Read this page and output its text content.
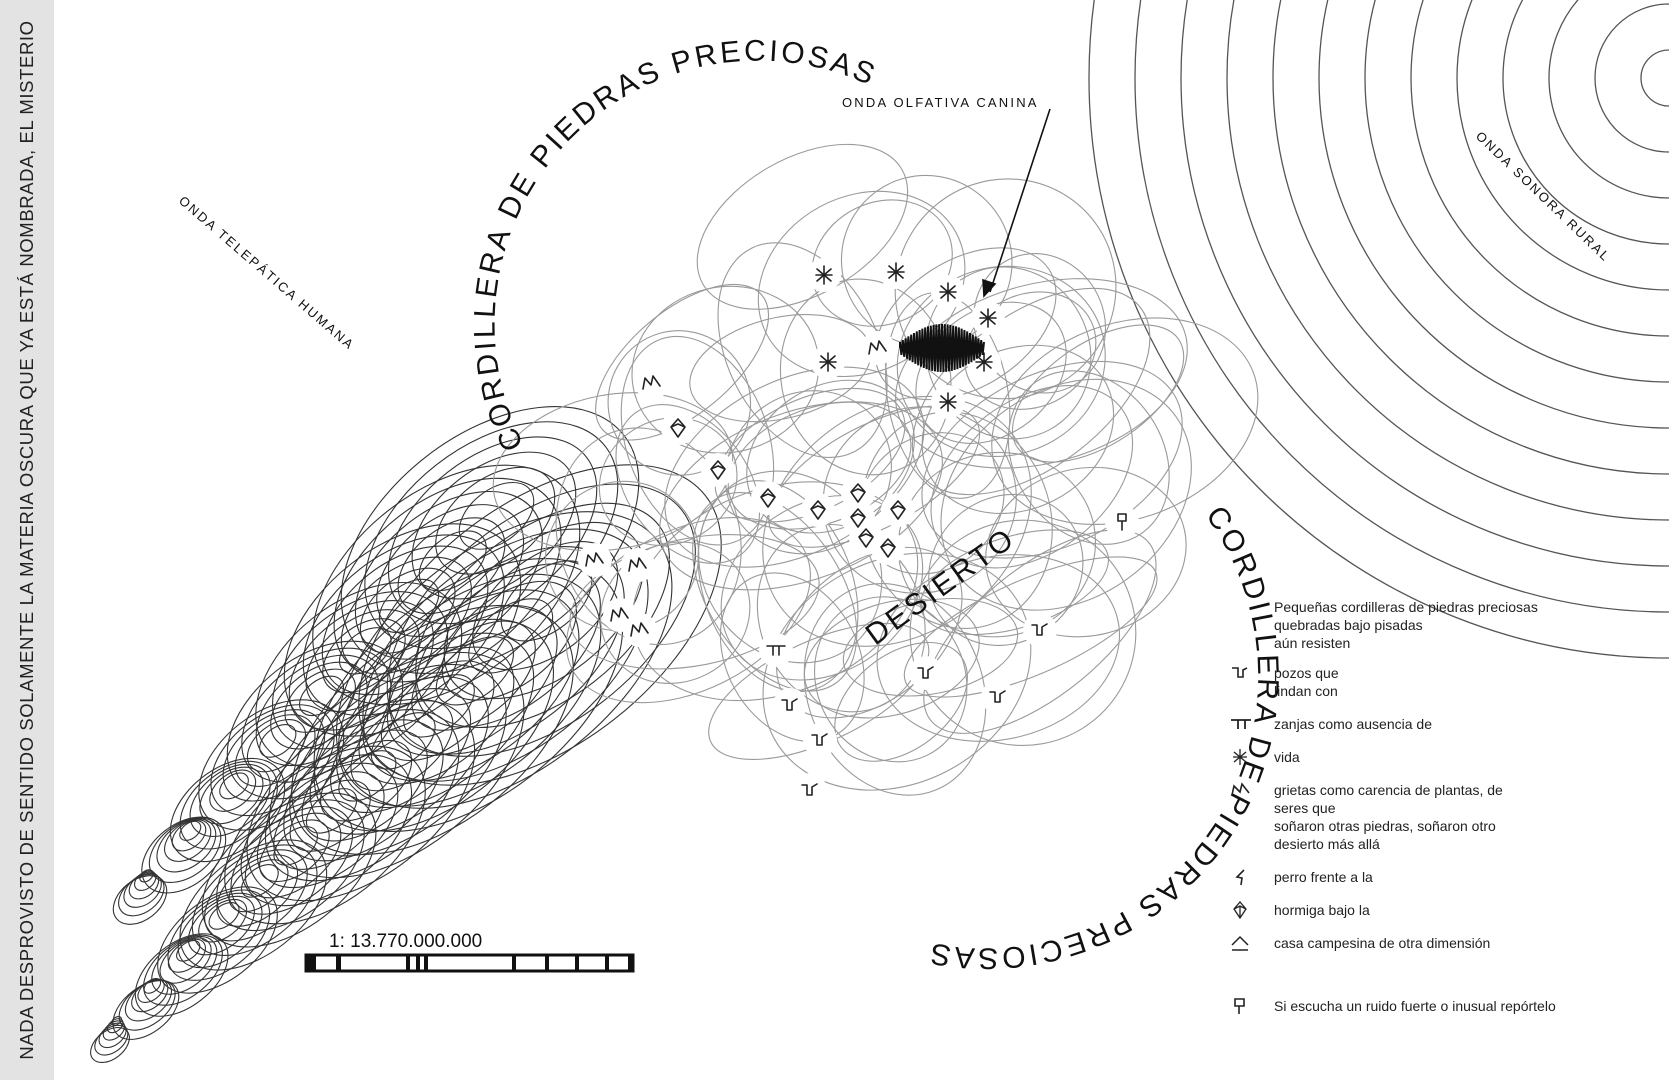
ONDA OLFATIVA CANINA
ONDA TELEPÁTICA HUMANA
ONDA SONORA RURAL
CORDILLERA DE PIEDRAS PRECIOSAS
CORDILLERA DE PIEDRAS PRECIOSAS
DESIERTO
1: 13.770.000.000
NADA DESPROVISTO DE SENTIDO SOLAMENTE LA MATERIA OSCURA QUE YA ESTÁ NOMBRADA, EL MISTERIO	Pequeñas cordilleras de piedras preciosas
quebradas bajo pisadas
aún resisten
pozos que
lindan con
zanjas como ausencia de
vida
grietas como carencia de plantas, de
seres que
soñaron otras piedras, soñaron otro
desierto más allá
perro frente a la
hormiga bajo la
casa campesina de otra dimensión
Si escucha un ruido fuerte o inusual repórtelo
